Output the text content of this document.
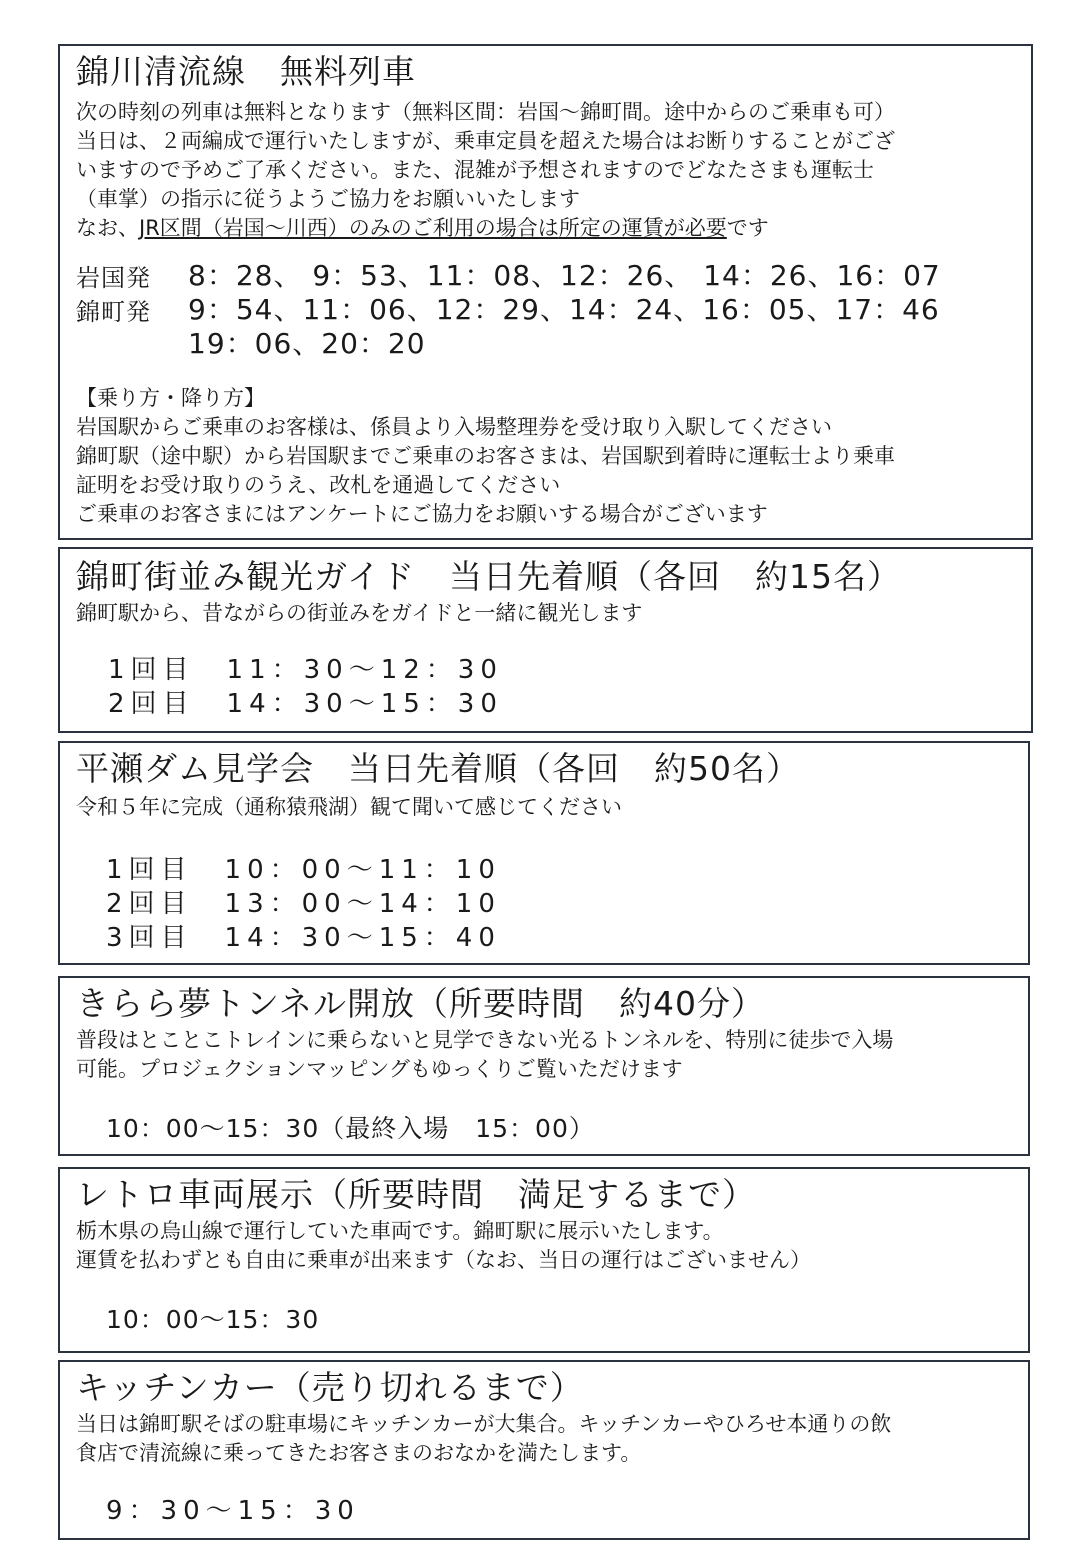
錦川清流線　無料列車
次の時刻の列車は無料となります（無料区間：岩国～錦町間。途中からのご乗車も可）
当日は、２両編成で運行いたしますが、乗車定員を超えた場合はお断りすることがござ
いますので予めご了承ください。また、混雑が予想されますのでどなたさまも運転士
（車掌）の指示に従うようご協力をお願いいたします
なお、JR区間（岩国～川西）のみのご利用の場合は所定の運賃が必要です
岩国発 8：28、 9：53、11：08、12：26、 14：26、16：07
錦町発 9：54、11：06、12：29、14：24、16：05、17：46
19：06、20：20
【乗り方・降り方】
岩国駅からご乗車のお客様は、係員より入場整理券を受け取り入駅してください
錦町駅（途中駅）から岩国駅までご乗車のお客さまは、岩国駅到着時に運転士より乗車
証明をお受け取りのうえ、改札を通過してください
ご乗車のお客さまにはアンケートにご協力をお願いする場合がございます
錦町街並み観光ガイド　当日先着順（各回　約15名）
錦町駅から、昔ながらの街並みをガイドと一緒に観光します
1回目　11：30～12：30
2回目　14：30～15：30
平瀬ダム見学会　当日先着順（各回　約50名）
令和５年に完成（通称猿飛湖）観て聞いて感じてください
1回目　10：00～11：10
2回目　13：00～14：10
3回目　14：30～15：40
きらら夢トンネル開放（所要時間　約40分）
普段はとことこトレインに乗らないと見学できない光るトンネルを、特別に徒歩で入場
可能。プロジェクションマッピングもゆっくりご覧いただけます
10：00～15：30（最終入場　15：00）
レトロ車両展示（所要時間　満足するまで）
栃木県の烏山線で運行していた車両です。錦町駅に展示いたします。
運賃を払わずとも自由に乗車が出来ます（なお、当日の運行はございません）
10：00～15：30
キッチンカー（売り切れるまで）
当日は錦町駅そばの駐車場にキッチンカーが大集合。キッチンカーやひろせ本通りの飲
食店で清流線に乗ってきたお客さまのおなかを満たします。
9：30～15：30
